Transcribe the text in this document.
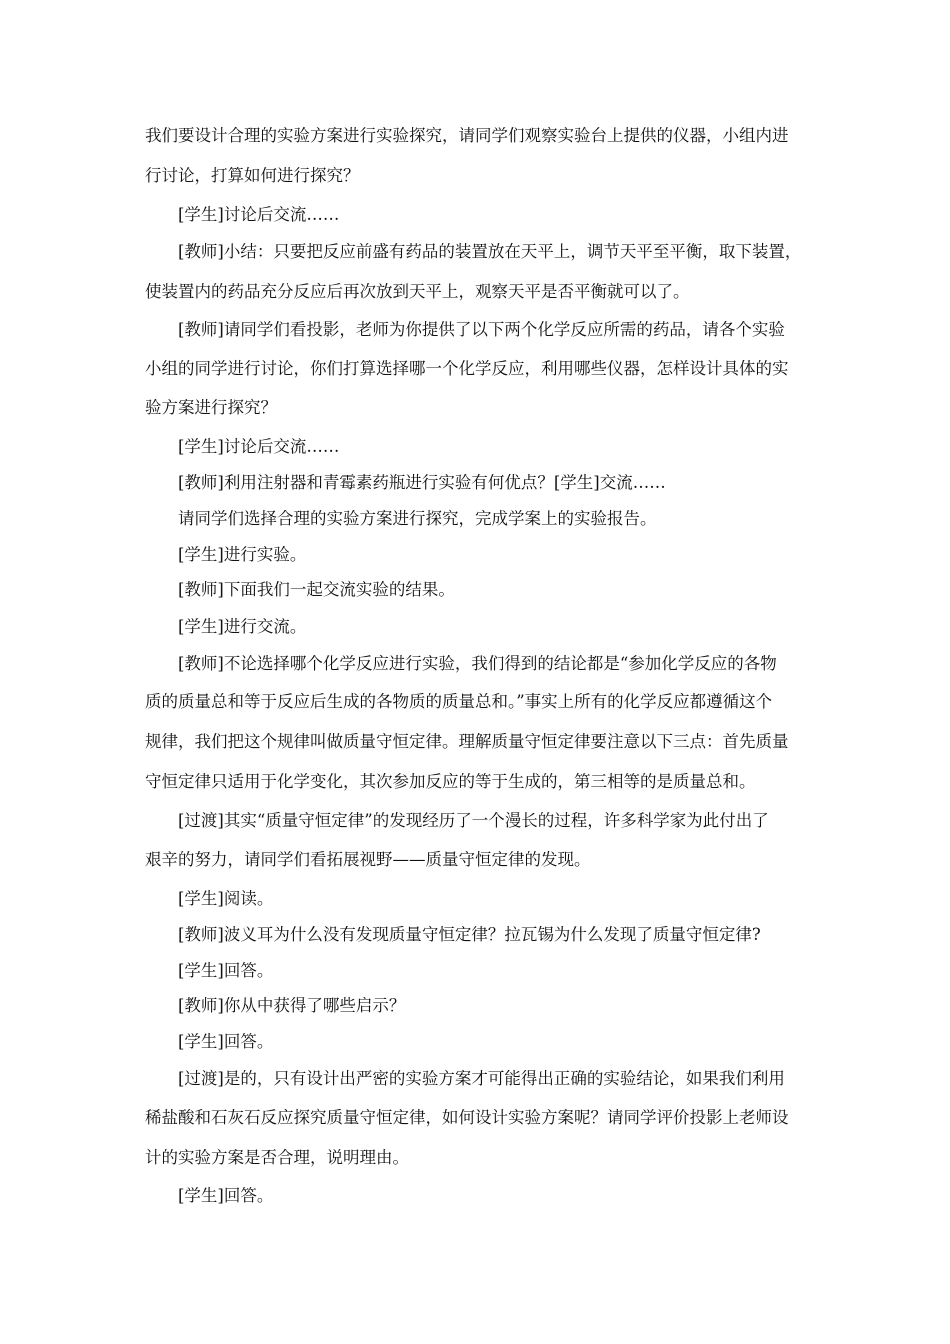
我们要设计合理的实验方案进行实验探究，请同学们观察实验台上提供的仪器，小组内进
行讨论，打算如何进行探究？
[学生]讨论后交流……
[教师]小结：只要把反应前盛有药品的装置放在天平上，调节天平至平衡，取下装置，
使装置内的药品充分反应后再次放到天平上，观察天平是否平衡就可以了。
[教师]请同学们看投影，老师为你提供了以下两个化学反应所需的药品，请各个实验
小组的同学进行讨论，你们打算选择哪一个化学反应，利用哪些仪器，怎样设计具体的实
验方案进行探究？
[学生]讨论后交流……
[教师]利用注射器和青霉素药瓶进行实验有何优点？[学生]交流……
请同学们选择合理的实验方案进行探究，完成学案上的实验报告。
[学生]进行实验。
[教师]下面我们一起交流实验的结果。
[学生]进行交流。
[教师]不论选择哪个化学反应进行实验，我们得到的结论都是“参加化学反应的各物
质的质量总和等于反应后生成的各物质的质量总和。”事实上所有的化学反应都遵循这个
规律，我们把这个规律叫做质量守恒定律。理解质量守恒定律要注意以下三点：首先质量
守恒定律只适用于化学变化，其次参加反应的等于生成的，第三相等的是质量总和。
[过渡]其实“质量守恒定律”的发现经历了一个漫长的过程，许多科学家为此付出了
艰辛的努力，请同学们看拓展视野——质量守恒定律的发现。
[学生]阅读。
[教师]波义耳为什么没有发现质量守恒定律？拉瓦锡为什么发现了质量守恒定律?
[学生]回答。
[教师]你从中获得了哪些启示？
[学生]回答。
[过渡]是的，只有设计出严密的实验方案才可能得出正确的实验结论，如果我们利用
稀盐酸和石灰石反应探究质量守恒定律，如何设计实验方案呢？请同学评价投影上老师设
计的实验方案是否合理，说明理由。
[学生]回答。
